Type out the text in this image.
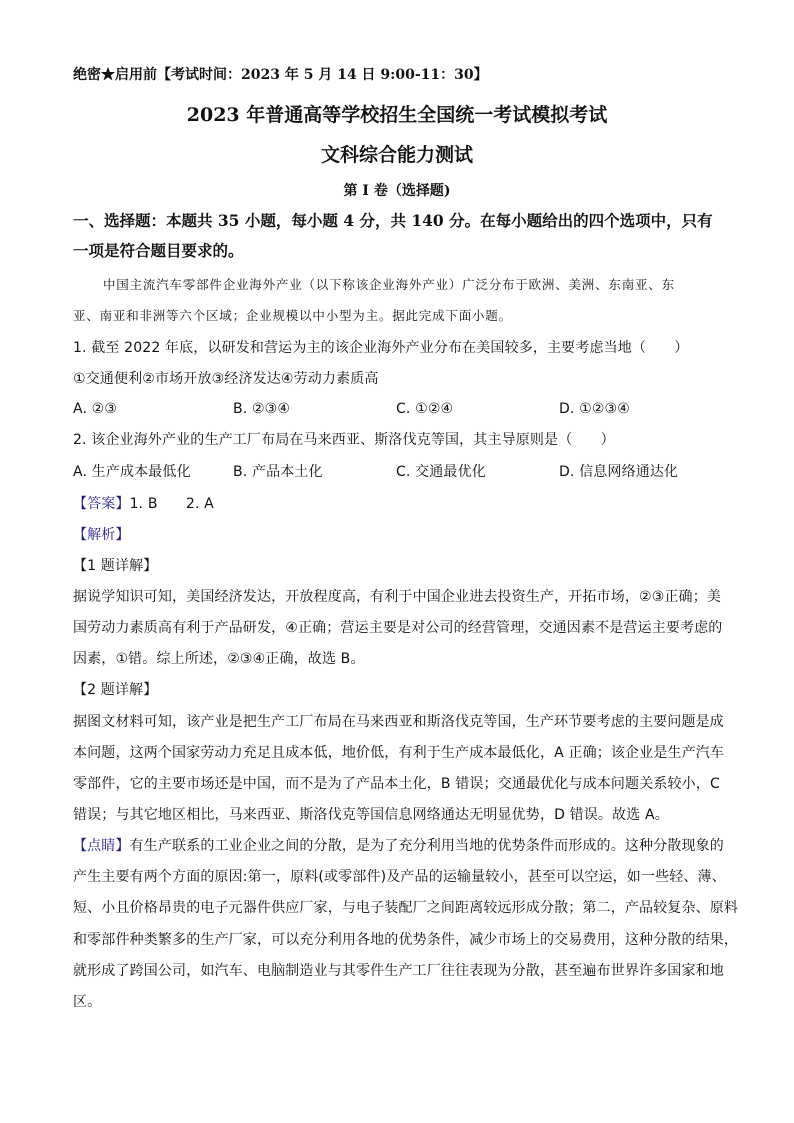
绝密★启用前【考试时间：2023 年 5 月 14 日 9:00-11：30】
2023 年普通高等学校招生全国统一考试模拟考试
文科综合能力测试
第 I 卷（选择题)
一、选择题：本题共 35 小题，每小题 4 分，共 140 分。在每小题给出的四个选项中，只有
一项是符合题目要求的。
中国主流汽车零部件企业海外产业（以下称该企业海外产业）广泛分布于欧洲、美洲、东南亚、东
亚、南亚和非洲等六个区域；企业规模以中小型为主。据此完成下面小题。
1. 截至 2022 年底，以研发和营运为主的该企业海外产业分布在美国较多，主要考虑当地（　　）
①交通便利②市场开放③经济发达④劳动力素质高
A. ②③	B. ②③④	C. ①②④	D. ①②③④
2. 该企业海外产业的生产工厂布局在马来西亚、斯洛伐克等国，其主导原则是（　　）
A. 生产成本最低化	B. 产品本土化	C. 交通最优化	D. 信息网络通达化
【答案】1. B　　2. A
【解析】
【1 题详解】
据说学知识可知，美国经济发达，开放程度高，有利于中国企业进去投资生产，开拓市场，②③正确；美
国劳动力素质高有利于产品研发，④正确；营运主要是对公司的经营管理，交通因素不是营运主要考虑的
因素，①错。综上所述，②③④正确，故选 B。
【2 题详解】
据图文材料可知，该产业是把生产工厂布局在马来西亚和斯洛伐克等国，生产环节要考虑的主要问题是成
本问题，这两个国家劳动力充足且成本低，地价低，有利于生产成本最低化，A 正确；该企业是生产汽车
零部件，它的主要市场还是中国，而不是为了产品本土化，B 错误；交通最优化与成本问题关系较小，C
错误；与其它地区相比，马来西亚、斯洛伐克等国信息网络通达无明显优势，D 错误。故选 A。
【点睛】有生产联系的工业企业之间的分散，是为了充分利用当地的优势条件而形成的。这种分散现象的
产生主要有两个方面的原因:第一，原料(或零部件)及产品的运输量较小，甚至可以空运，如一些轻、薄、
短、小且价格昂贵的电子元器件供应厂家，与电子装配厂之间距离较远形成分散；第二，产品较复杂、原料
和零部件种类繁多的生产厂家，可以充分利用各地的优势条件，减少市场上的交易费用，这种分散的结果，
就形成了跨国公司，如汽车、电脑制造业与其零件生产工厂往往表现为分散，甚至遍布世界许多国家和地
区。
